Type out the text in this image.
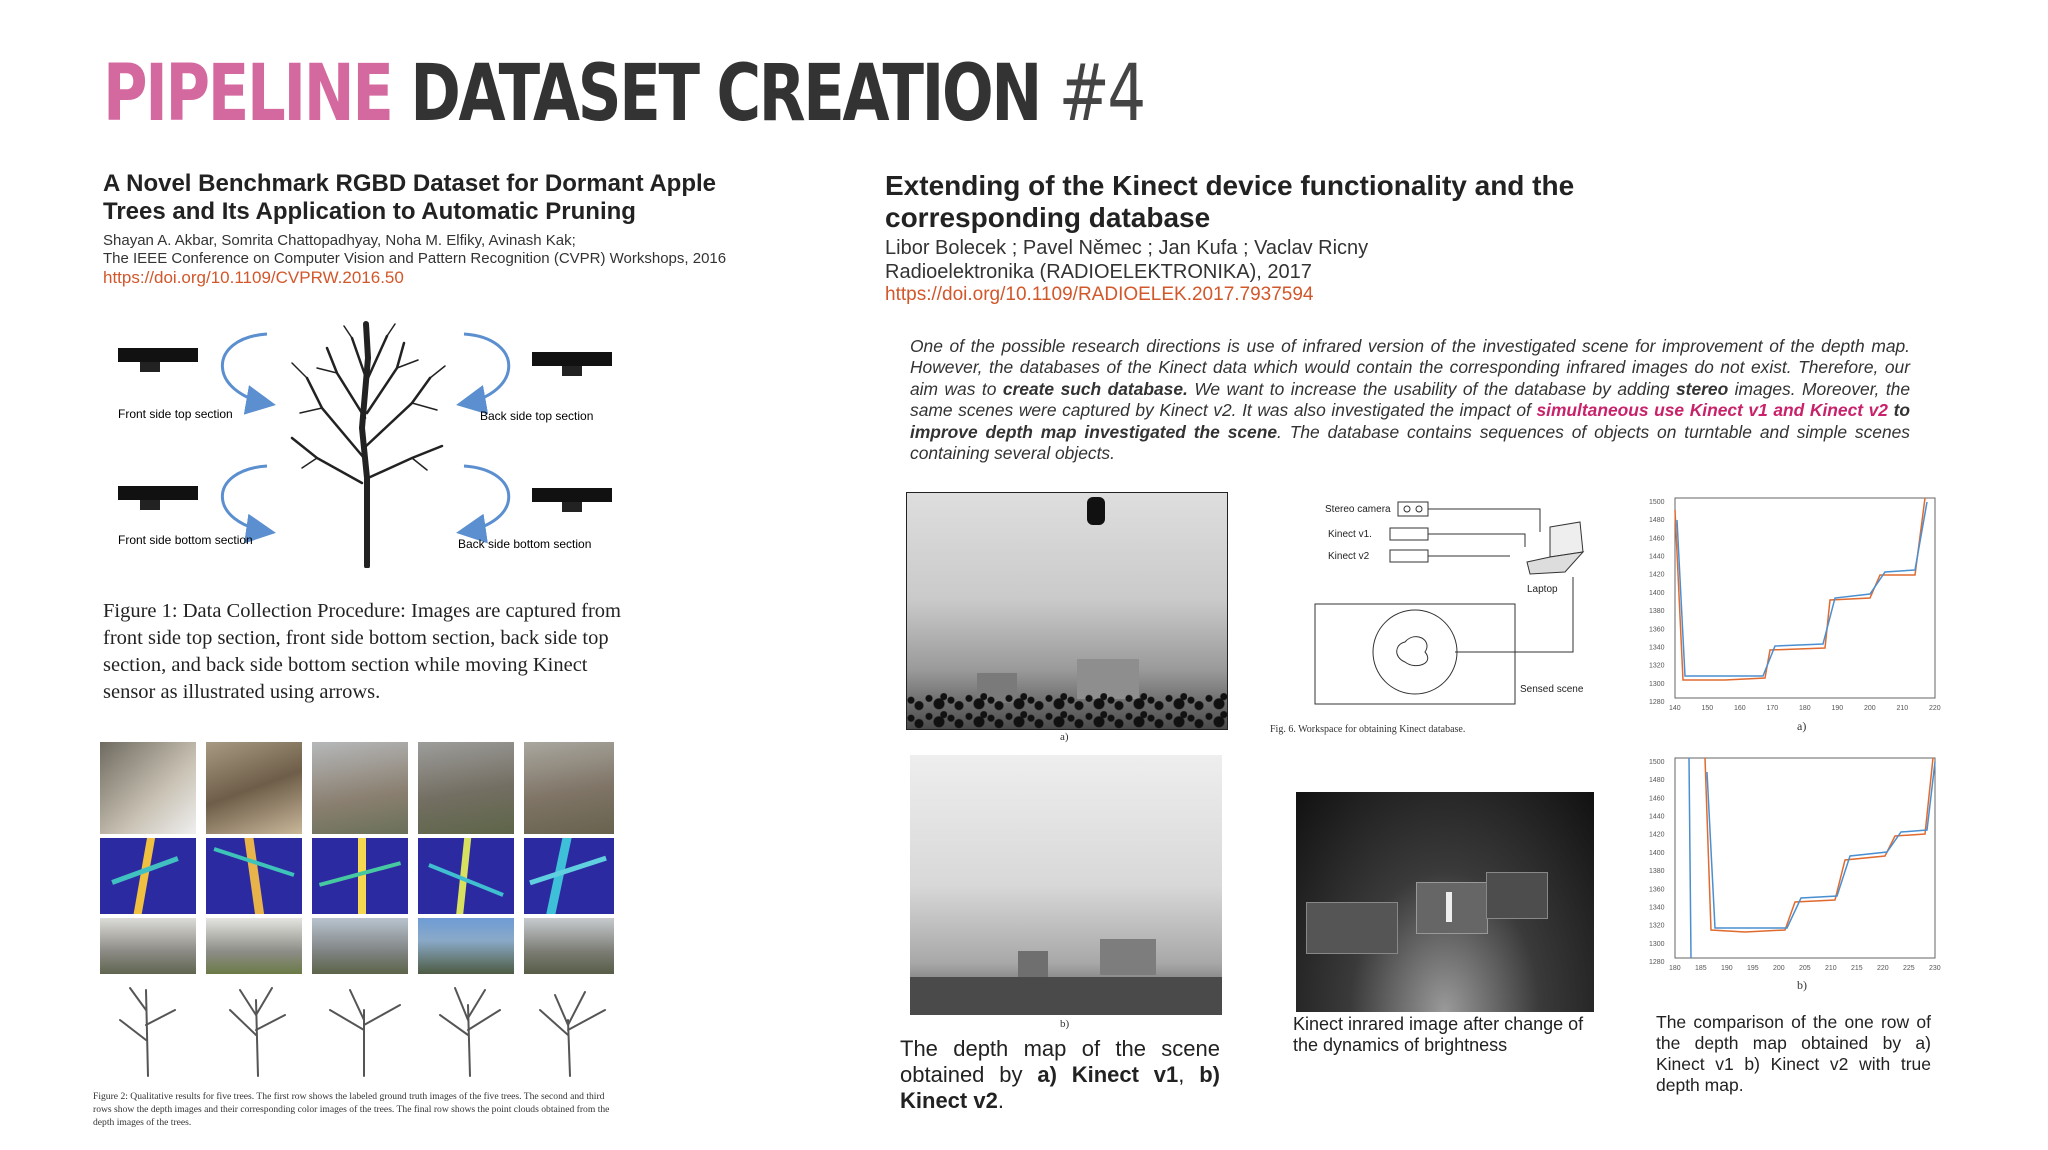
PIPELINE DATASET CREATION #4
A Novel Benchmark RGBD Dataset for Dormant Apple Trees and Its Application to Automatic Pruning
Shayan A. Akbar, Somrita Chattopadhyay, Noha M. Elfiky, Avinash Kak;
The IEEE Conference on Computer Vision and Pattern Recognition (CVPR) Workshops, 2016
https://doi.org/10.1109/CVPRW.2016.50
Front side top section	Back side top section
Front side bottom section	Back side bottom section
Figure 1: Data Collection Procedure: Images are captured from front side top section, front side bottom section, back side top section, and back side bottom section while moving Kinect sensor as illustrated using arrows.
Figure 2: Qualitative results for five trees. The first row shows the labeled ground truth images of the five trees. The second and third rows show the depth images and their corresponding color images of the trees. The final row shows the point clouds obtained from the depth images of the trees.
Extending of the Kinect device functionality and the corresponding database
Libor Bolecek ; Pavel Němec ; Jan Kufa ; Vaclav Ricny
Radioelektronika (RADIOELEKTRONIKA), 2017
https://doi.org/10.1109/RADIOELEK.2017.7937594
One of the possible research directions is use of infrared version of the investigated scene for improvement of the depth map. However, the databases of the Kinect data which would contain the corresponding infrared images do not exist. Therefore, our aim was to create such database. We want to increase the usability of the database by adding stereo images. Moreover, the same scenes were captured by Kinect v2. It was also investigated the impact of simultaneous use Kinect v1 and Kinect v2 to improve depth map investigated the scene. The database contains sequences of objects on turntable and simple scenes containing several objects.
a)
b)
The depth map of the scene obtained by a) Kinect v1, b) Kinect v2.
Stereo camera
Kinect v1.
Kinect v2
Laptop
Sensed scene
Fig. 6. Workspace for obtaining Kinect database.
Kinect inrared image after change of the dynamics of brightness
1500
1480
1460
1440
1420
1400
1380
1360
1340
1320
1300
1280
140	150	160	170	180	190	200	210	220
a)
1500
1480
1460
1440
1420
1400
1380
1360
1340
1320
1300
1280
180 185 190 195 200 205 210 215 220 225 230
b)
The comparison of the one row of the depth map obtained by a) Kinect v1 b) Kinect v2 with true depth map.
